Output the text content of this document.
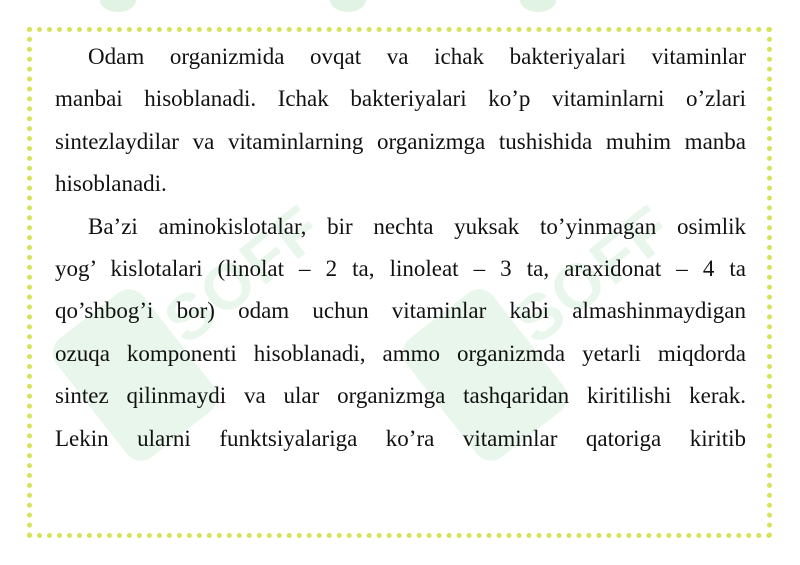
SOFF	SOFF
Odam organizmida ovqat va ichak bakteriyalari vitaminlar
manbai hisoblanadi. Ichak bakteriyalari ko’p vitaminlarni o’zlari
sintezlaydilar va vitaminlarning organizmga tushishida muhim manba
hisoblanadi.
Ba’zi aminokislotalar, bir nechta yuksak to’yinmagan osimlik
yog’ kislotalari (linolat – 2 ta, linoleat – 3 ta, araxidonat – 4 ta
qo’shbog’i bor) odam uchun vitaminlar kabi almashinmaydigan
ozuqa komponenti hisoblanadi, ammo organizmda yetarli miqdorda
sintez qilinmaydi va ular organizmga tashqaridan kiritilishi kerak.
Lekin ularni funktsiyalariga ko’ra vitaminlar qatoriga kiritib
